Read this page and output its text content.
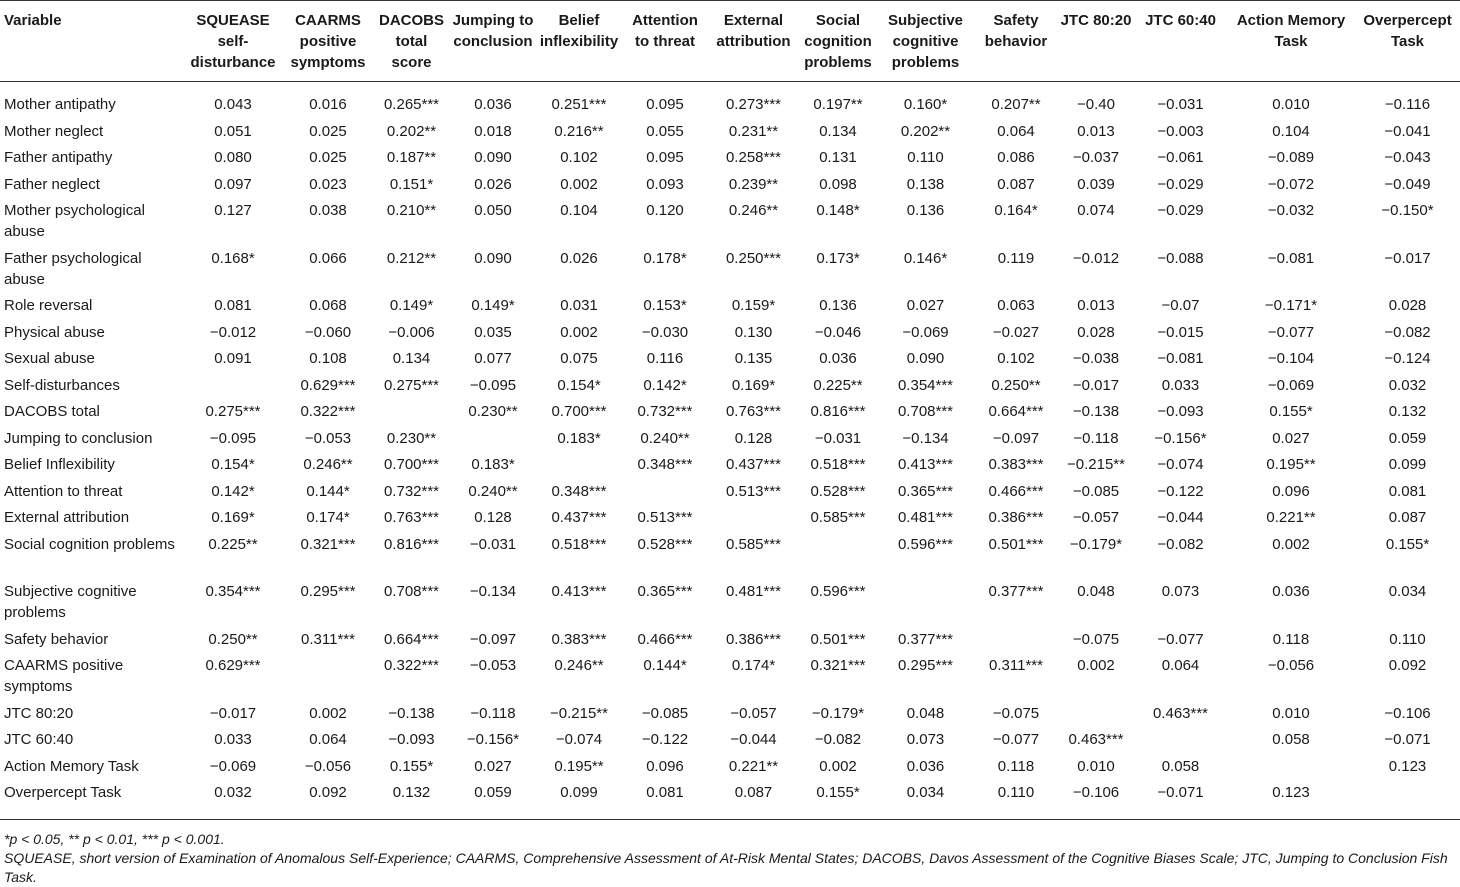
Variable	SQUEASE self-disturbance	CAARMS positive symptoms	DACOBS total score	Jumping to conclusion	Belief inflexibility	Attention to threat	External attribution	Social cognition problems	Subjective cognitive problems	Safety behavior	JTC 80:20	JTC 60:40	Action Memory Task	Overpercept Task
Mother antipathy	0.043	0.016	0.265***	0.036	0.251***	0.095	0.273***	0.197**	0.160*	0.207**	−0.40	−0.031	0.010	−0.116
Mother neglect	0.051	0.025	0.202**	0.018	0.216**	0.055	0.231**	0.134	0.202**	0.064	0.013	−0.003	0.104	−0.041
Father antipathy	0.080	0.025	0.187**	0.090	0.102	0.095	0.258***	0.131	0.110	0.086	−0.037	−0.061	−0.089	−0.043
Father neglect	0.097	0.023	0.151*	0.026	0.002	0.093	0.239**	0.098	0.138	0.087	0.039	−0.029	−0.072	−0.049
Mother psychological abuse	0.127	0.038	0.210**	0.050	0.104	0.120	0.246**	0.148*	0.136	0.164*	0.074	−0.029	−0.032	−0.150*
Father psychological abuse	0.168*	0.066	0.212**	0.090	0.026	0.178*	0.250***	0.173*	0.146*	0.119	−0.012	−0.088	−0.081	−0.017
Role reversal	0.081	0.068	0.149*	0.149*	0.031	0.153*	0.159*	0.136	0.027	0.063	0.013	−0.07	−0.171*	0.028
Physical abuse	−0.012	−0.060	−0.006	0.035	0.002	−0.030	0.130	−0.046	−0.069	−0.027	0.028	−0.015	−0.077	−0.082
Sexual abuse	0.091	0.108	0.134	0.077	0.075	0.116	0.135	0.036	0.090	0.102	−0.038	−0.081	−0.104	−0.124
Self-disturbances		0.629***	0.275***	−0.095	0.154*	0.142*	0.169*	0.225**	0.354***	0.250**	−0.017	0.033	−0.069	0.032
DACOBS total	0.275***	0.322***		0.230**	0.700***	0.732***	0.763***	0.816***	0.708***	0.664***	−0.138	−0.093	0.155*	0.132
Jumping to conclusion	−0.095	−0.053	0.230**		0.183*	0.240**	0.128	−0.031	−0.134	−0.097	−0.118	−0.156*	0.027	0.059
Belief Inflexibility	0.154*	0.246**	0.700***	0.183*		0.348***	0.437***	0.518***	0.413***	0.383***	−0.215**	−0.074	0.195**	0.099
Attention to threat	0.142*	0.144*	0.732***	0.240**	0.348***		0.513***	0.528***	0.365***	0.466***	−0.085	−0.122	0.096	0.081
External attribution	0.169*	0.174*	0.763***	0.128	0.437***	0.513***		0.585***	0.481***	0.386***	−0.057	−0.044	0.221**	0.087
Social cognition problems	0.225**	0.321***	0.816***	−0.031	0.518***	0.528***	0.585***		0.596***	0.501***	−0.179*	−0.082	0.002	0.155*
Subjective cognitive problems	0.354***	0.295***	0.708***	−0.134	0.413***	0.365***	0.481***	0.596***		0.377***	0.048	0.073	0.036	0.034
Safety behavior	0.250**	0.311***	0.664***	−0.097	0.383***	0.466***	0.386***	0.501***	0.377***		−0.075	−0.077	0.118	0.110
CAARMS positive symptoms	0.629***		0.322***	−0.053	0.246**	0.144*	0.174*	0.321***	0.295***	0.311***	0.002	0.064	−0.056	0.092
JTC 80:20	−0.017	0.002	−0.138	−0.118	−0.215**	−0.085	−0.057	−0.179*	0.048	−0.075		0.463***	0.010	−0.106
JTC 60:40	0.033	0.064	−0.093	−0.156*	−0.074	−0.122	−0.044	−0.082	0.073	−0.077	0.463***		0.058	−0.071
Action Memory Task	−0.069	−0.056	0.155*	0.027	0.195**	0.096	0.221**	0.002	0.036	0.118	0.010	0.058		0.123
Overpercept Task	0.032	0.092	0.132	0.059	0.099	0.081	0.087	0.155*	0.034	0.110	−0.106	−0.071	0.123	
*p < 0.05, ** p < 0.01, *** p < 0.001.
SQUEASE, short version of Examination of Anomalous Self-Experience; CAARMS, Comprehensive Assessment of At-Risk Mental States; DACOBS, Davos Assessment of the Cognitive Biases Scale; JTC, Jumping to Conclusion Fish Task.
